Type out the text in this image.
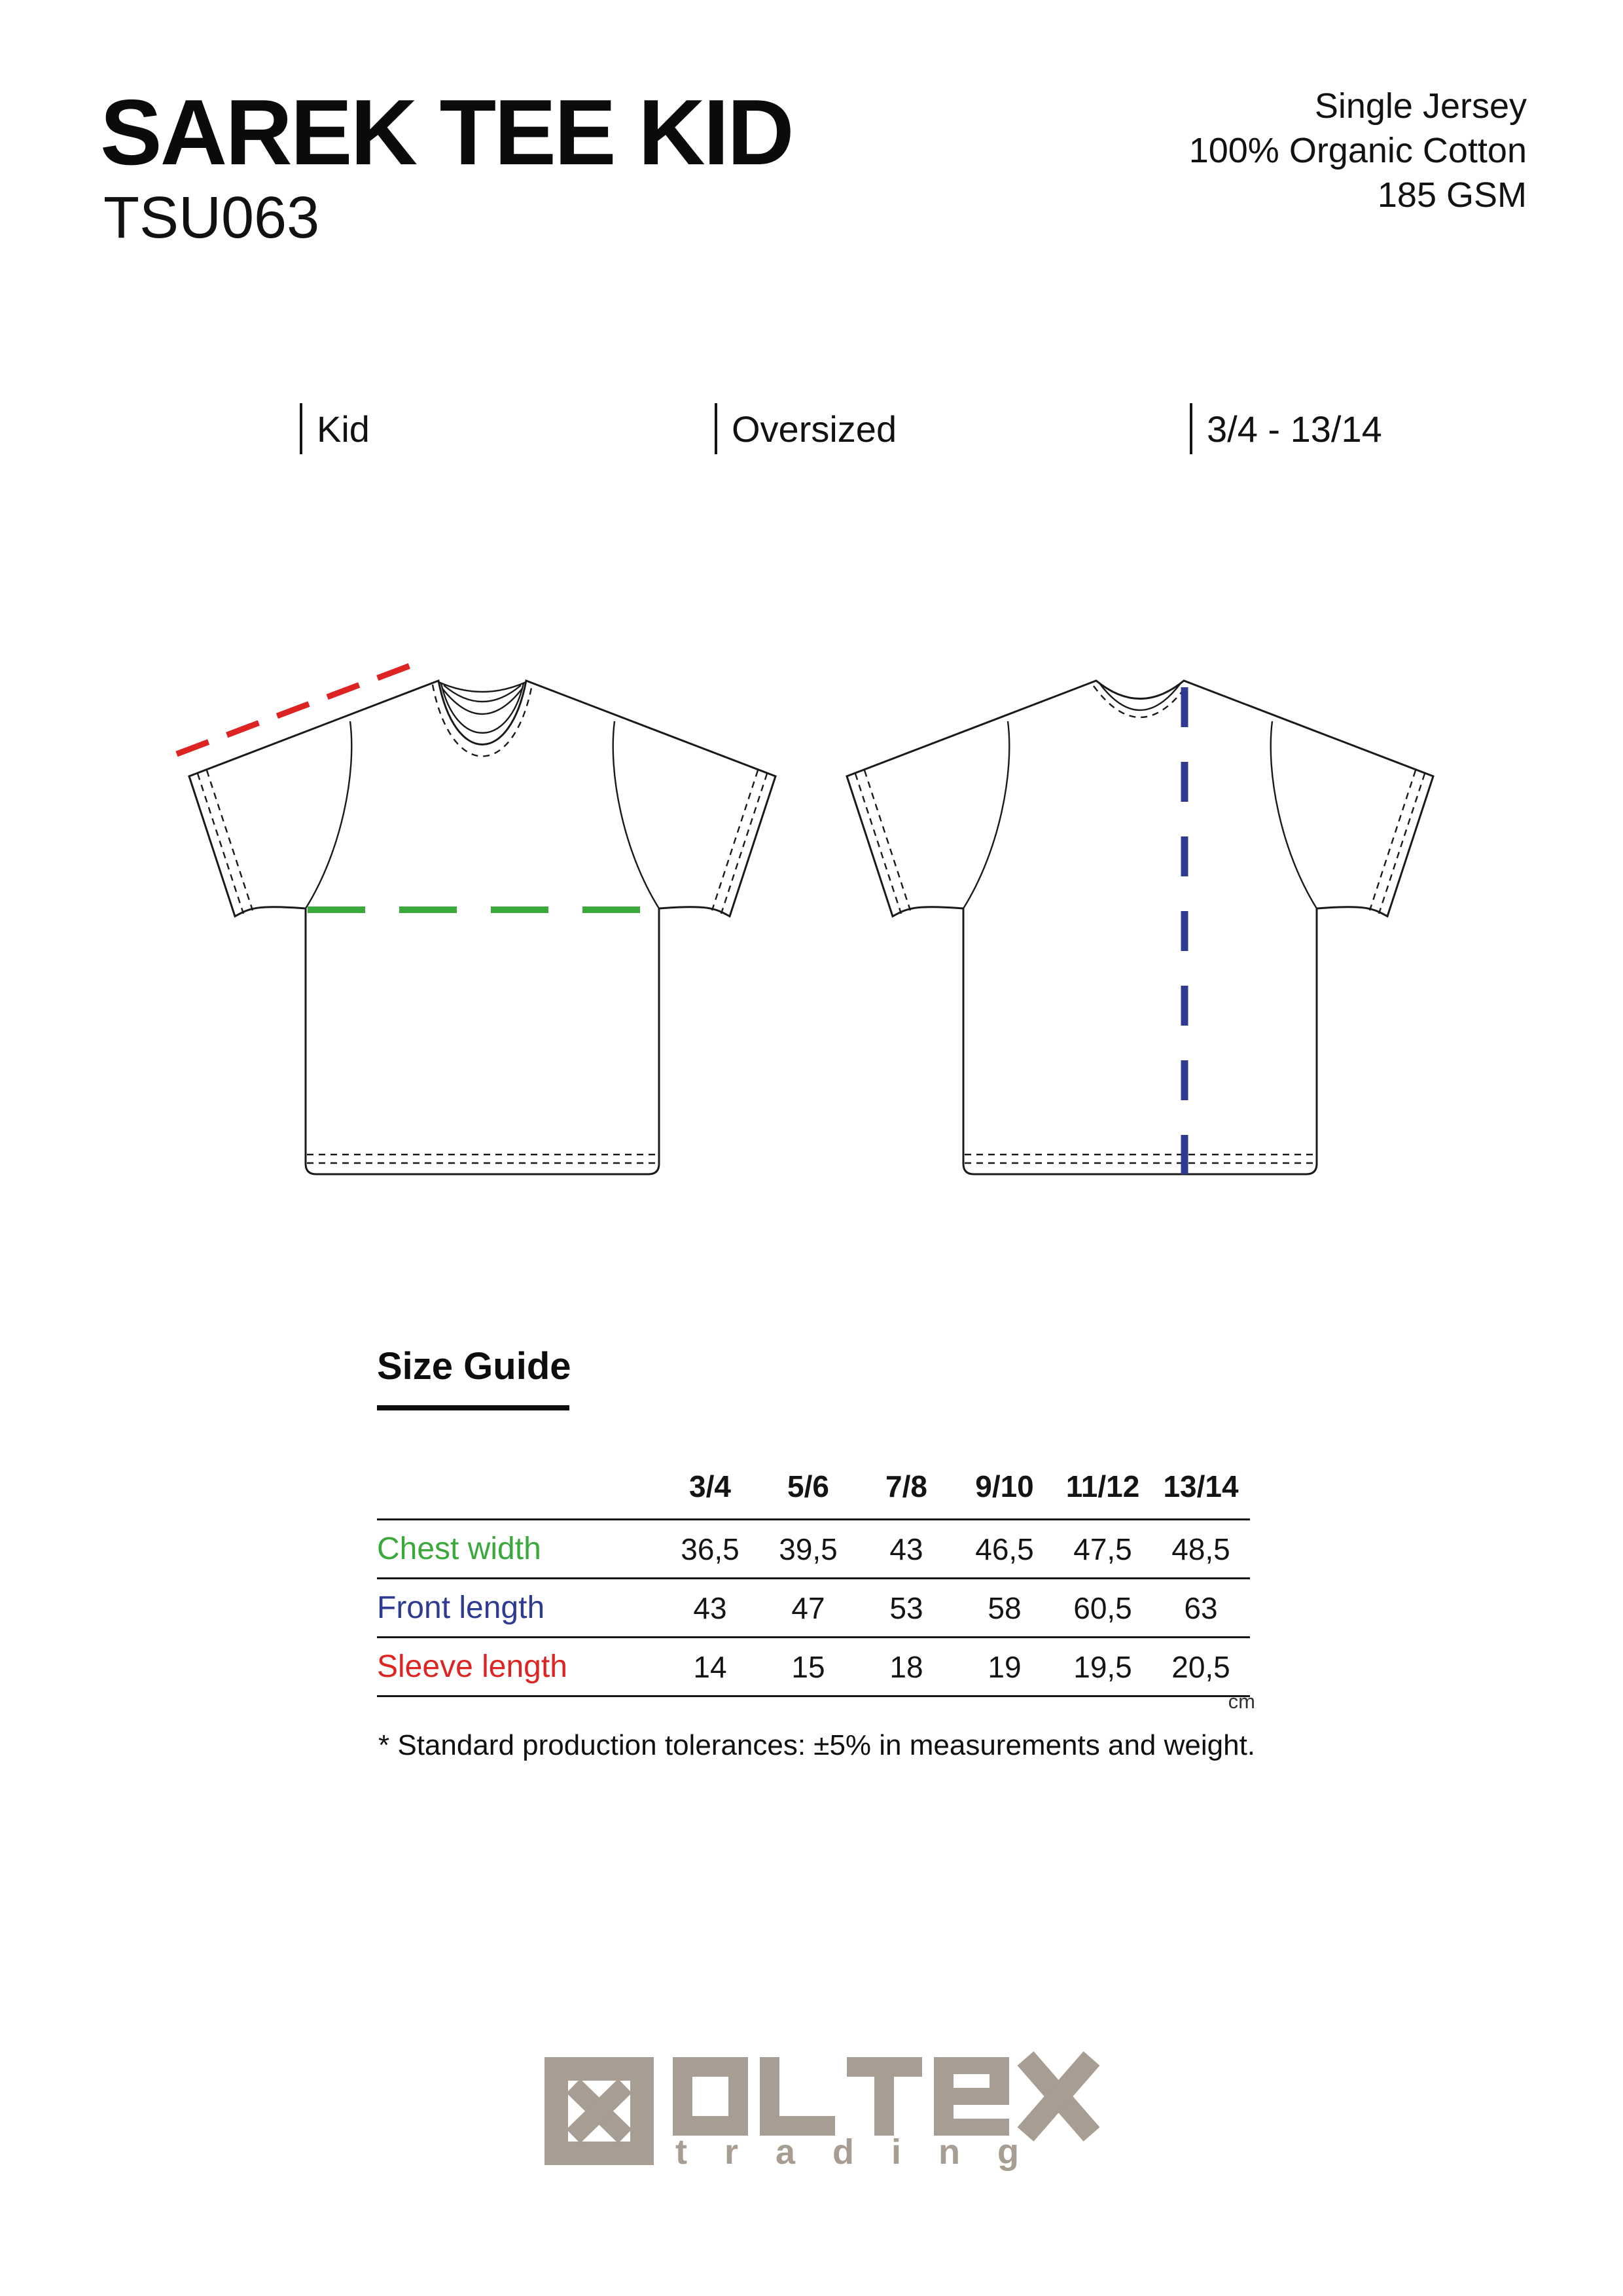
SAREK TEE KID
TSU063
Single Jersey
100% Organic Cotton
185 GSM
Kid	Oversized	3/4 - 13/14
Size Guide
	3/4	5/6	7/8	9/10	11/12	13/14
Chest width	36,5	39,5	43	46,5	47,5	48,5
Front length	43	47	53	58	60,5	63
Sleeve length	14	15	18	19	19,5	20,5
cm
* Standard production tolerances: ±5% in measurements and weight.
trading
